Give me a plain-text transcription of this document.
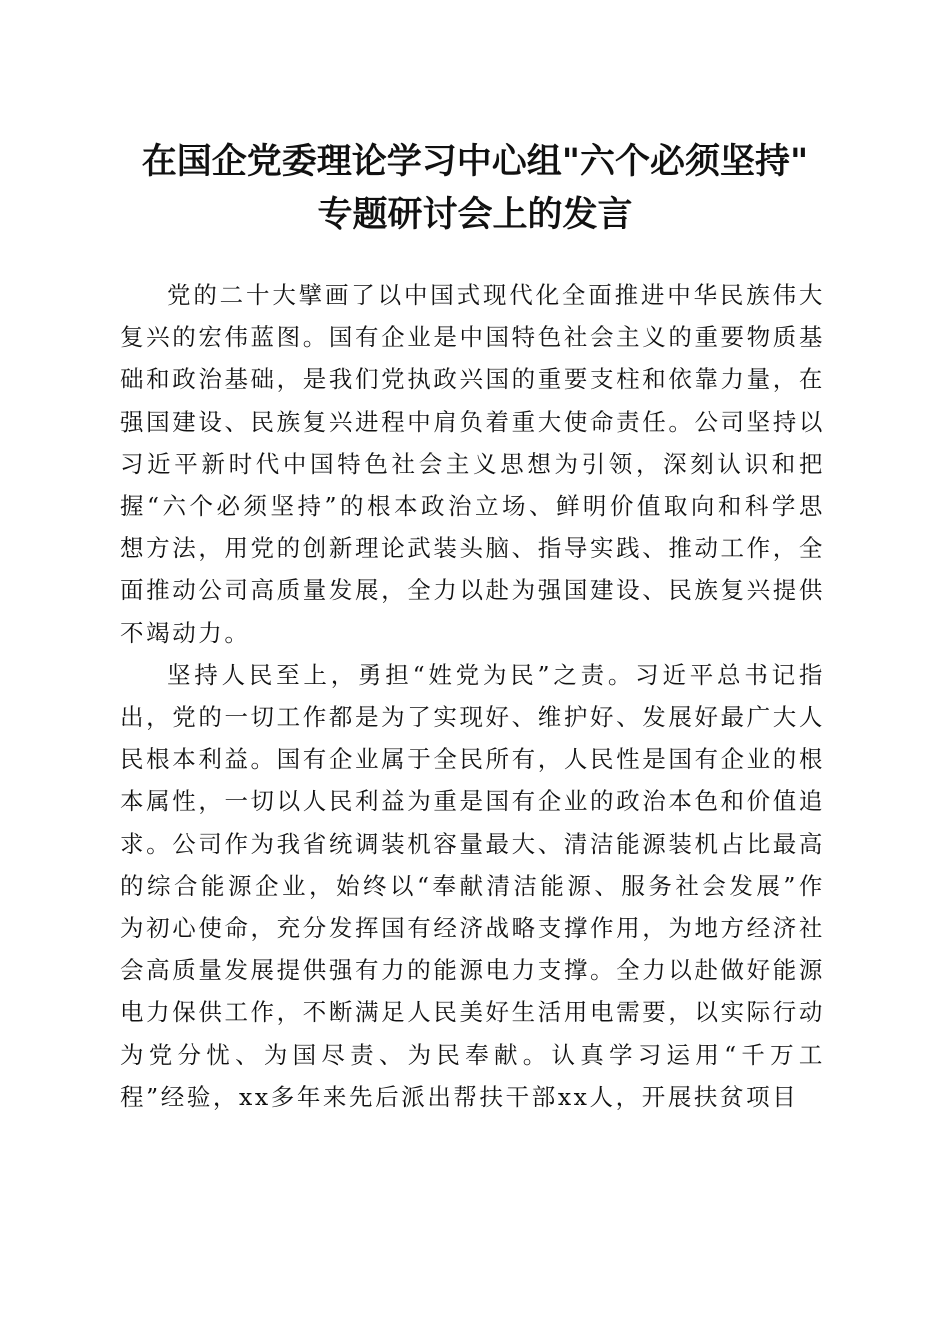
在国企党委理论学习中心组"六个必须坚持"
专题研讨会上的发言

党的二十大擘画了以中国式现代化全面推进中华民族伟大复兴的宏伟蓝图。国有企业是中国特色社会主义的重要物质基础和政治基础，是我们党执政兴国的重要支柱和依靠力量，在强国建设、民族复兴进程中肩负着重大使命责任。公司坚持以习近平新时代中国特色社会主义思想为引领，深刻认识和把握“六个必须坚持”的根本政治立场、鲜明价值取向和科学思想方法，用党的创新理论武装头脑、指导实践、推动工作，全面推动公司高质量发展，全力以赴为强国建设、民族复兴提供不竭动力。

坚持人民至上，勇担“姓党为民”之责。习近平总书记指出，党的一切工作都是为了实现好、维护好、发展好最广大人民根本利益。国有企业属于全民所有，人民性是国有企业的根本属性，一切以人民利益为重是国有企业的政治本色和价值追求。公司作为我省统调装机容量最大、清洁能源装机占比最高的综合能源企业，始终以“奉献清洁能源、服务社会发展”作为初心使命，充分发挥国有经济战略支撑作用，为地方经济社会高质量发展提供强有力的能源电力支撑。全力以赴做好能源电力保供工作，不断满足人民美好生活用电需要，以实际行动为党分忧、为国尽责、为民奉献。认真学习运用“千万工程”经验，xx多年来先后派出帮扶干部xx人，开展扶贫项目
